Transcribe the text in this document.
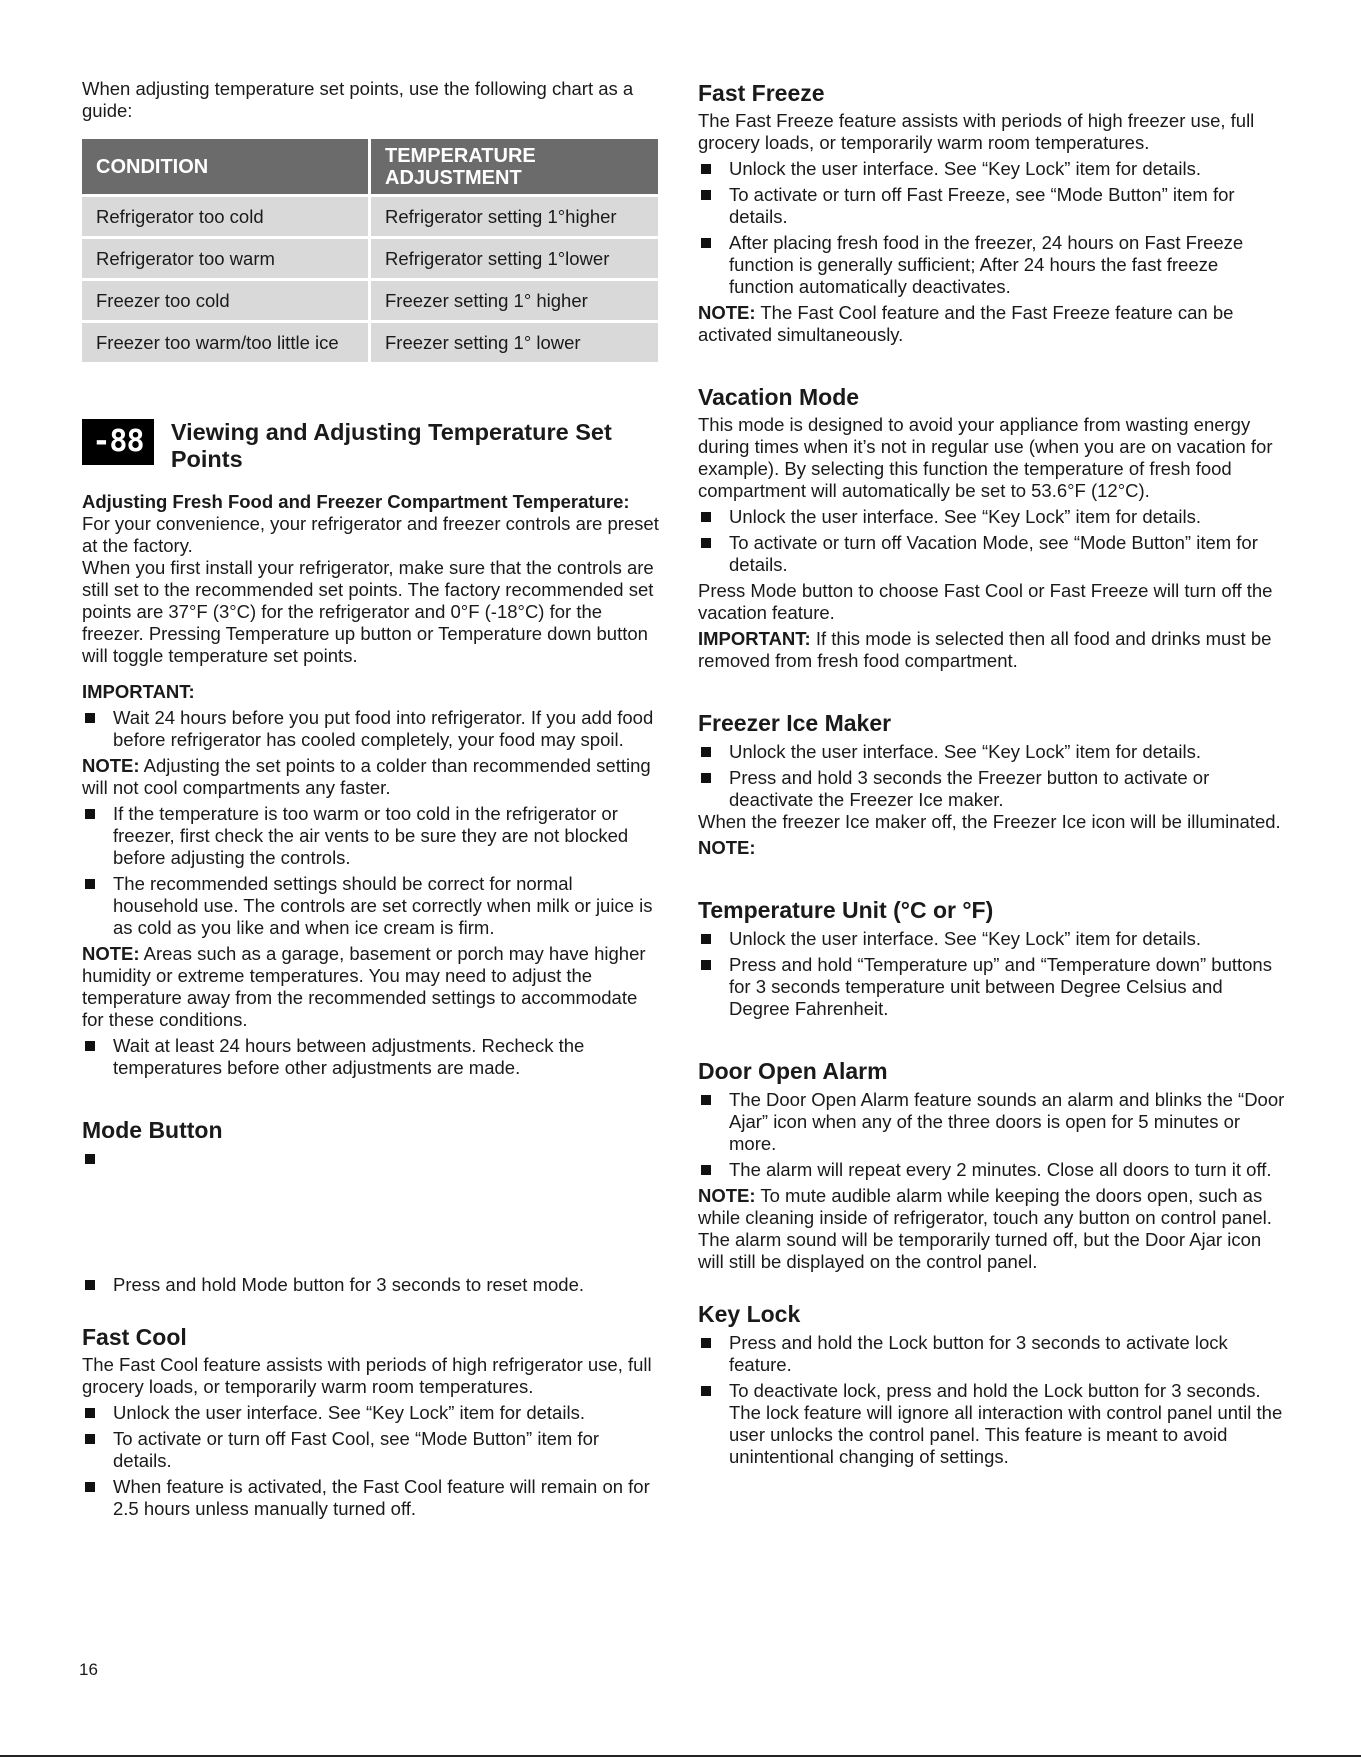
When adjusting temperature set points, use the following chart as a guide:

CONDITION	TEMPERATURE ADJUSTMENT
Refrigerator too cold	Refrigerator setting 1°higher
Refrigerator too warm	Refrigerator setting 1°lower
Freezer too cold	Freezer setting 1° higher
Freezer too warm/too little ice	Freezer setting 1° lower
-88	Viewing and Adjusting Temperature Set Points

Adjusting Fresh Food and Freezer Compartment Temperature:

For your convenience, your refrigerator and freezer controls are preset at the factory.

When you first install your refrigerator, make sure that the controls are still set to the recommended set points. The factory recommended set points are 37°F (3°C) for the refrigerator and 0°F (-18°C) for the freezer. Pressing Temperature up button or Temperature down button will toggle temperature set points.

IMPORTANT:

Wait 24 hours before you put food into refrigerator. If you add food before refrigerator has cooled completely, your food may spoil.

NOTE: Adjusting the set points to a colder than recommended setting will not cool compartments any faster.

If the temperature is too warm or too cold in the refrigerator or freezer, first check the air vents to be sure they are not blocked before adjusting the controls.
The recommended settings should be correct for normal household use. The controls are set correctly when milk or juice is as cold as you like and when ice cream is firm.

NOTE: Areas such as a garage, basement or porch may have higher humidity or extreme temperatures. You may need to adjust the temperature away from the recommended settings to accommodate for these conditions.

Wait at least 24 hours between adjustments. Recheck the temperatures before other adjustments are made.

Mode Button

Press and hold Mode button for 3 seconds to reset mode.

Fast Cool

The Fast Cool feature assists with periods of high refrigerator use, full grocery loads, or temporarily warm room temperatures.

Unlock the user interface. See “Key Lock” item for details.
To activate or turn off Fast Cool, see “Mode Button” item for details.
When feature is activated, the Fast Cool feature will remain on for 2.5 hours unless manually turned off.

Fast Freeze

The Fast Freeze feature assists with periods of high freezer use, full grocery loads, or temporarily warm room temperatures.

Unlock the user interface. See “Key Lock” item for details.
To activate or turn off Fast Freeze, see “Mode Button” item for details.
After placing fresh food in the freezer, 24 hours on Fast Freeze function is generally sufficient; After 24 hours the fast freeze function automatically deactivates.

NOTE: The Fast Cool feature and the Fast Freeze feature can be activated simultaneously.

Vacation Mode

This mode is designed to avoid your appliance from wasting energy during times when it’s not in regular use (when you are on vacation for example). By selecting this function the temperature of fresh food compartment will automatically be set to 53.6°F (12°C).

Unlock the user interface. See “Key Lock” item for details.
To activate or turn off Vacation Mode, see “Mode Button” item for details.

Press Mode button to choose Fast Cool or Fast Freeze will turn off the vacation feature.

IMPORTANT: If this mode is selected then all food and drinks must be removed from fresh food compartment.

Freezer Ice Maker

Unlock the user interface. See “Key Lock” item for details.
Press and hold 3 seconds the Freezer button to activate or deactivate the Freezer Ice maker.

When the freezer Ice maker off, the Freezer Ice icon will be illuminated.

NOTE:

Temperature Unit (°C or °F)

Unlock the user interface. See “Key Lock” item for details.
Press and hold “Temperature up” and “Temperature down” buttons for 3 seconds temperature unit between Degree Celsius and Degree Fahrenheit.

Door Open Alarm

The Door Open Alarm feature sounds an alarm and blinks the “Door Ajar” icon when any of the three doors is open for 5 minutes or more.
The alarm will repeat every 2 minutes. Close all doors to turn it off.

NOTE: To mute audible alarm while keeping the doors open, such as while cleaning inside of refrigerator, touch any button on control panel. The alarm sound will be temporarily turned off, but the Door Ajar icon will still be displayed on the control panel.

Key Lock

Press and hold the Lock button for 3 seconds to activate lock feature.
To deactivate lock, press and hold the Lock button for 3 seconds. The lock feature will ignore all interaction with control panel until the user unlocks the control panel. This feature is meant to avoid unintentional changing of settings.
16
